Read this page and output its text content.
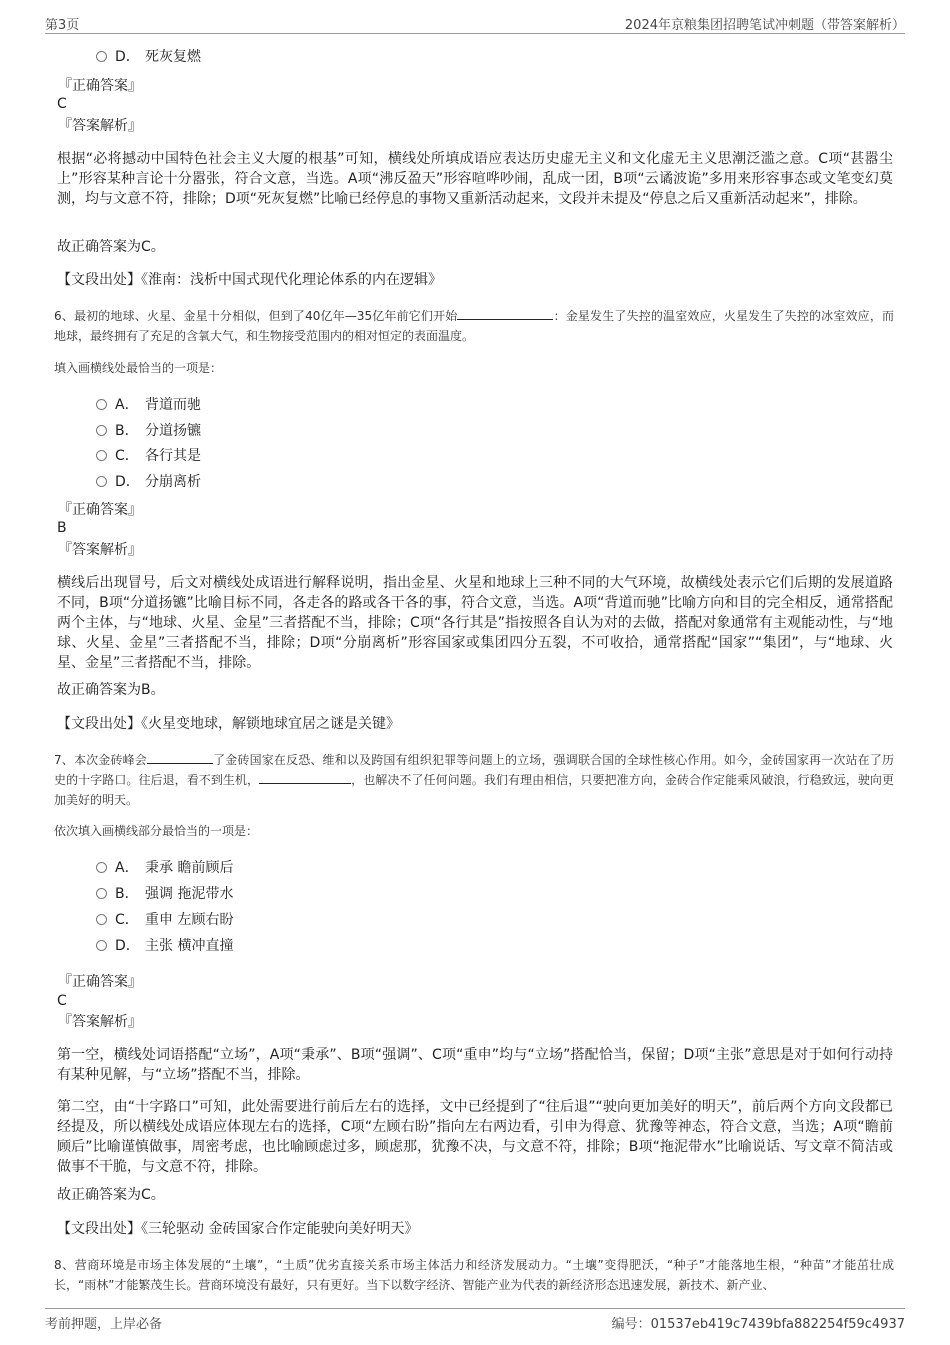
第3页	2024年京粮集团招聘笔试冲刺题（带答案解析）
D． 死灰复燃
『正确答案』
C
『答案解析』
根据“必将撼动中国特色社会主义大厦的根基”可知，横线处所填成语应表达历史虚无主义和文化虚无主义思潮泛滥之意。C项“甚嚣尘上”形容某种言论十分嚣张，符合文意，当选。A项“沸反盈天”形容喧哗吵闹，乱成一团，B项“云谲波诡”多用来形容事态或文笔变幻莫测，均与文意不符，排除；D项“死灰复燃”比喻已经停息的事物又重新活动起来，文段并未提及“停息之后又重新活动起来”，排除。
故正确答案为C。
【文段出处】《淮南：浅析中国式现代化理论体系的内在逻辑》
6、最初的地球、火星、金星十分相似，但到了40亿年—35亿年前它们开始	：金星发生了失控的温室效应，火星发生了失控的冰室效应，而地球，最终拥有了充足的含氧大气，和生物接受范围内的相对恒定的表面温度。
填入画横线处最恰当的一项是：
A． 背道而驰
B． 分道扬镳
C． 各行其是
D． 分崩离析
『正确答案』
B
『答案解析』
横线后出现冒号，后文对横线处成语进行解释说明，指出金星、火星和地球上三种不同的大气环境，故横线处表示它们后期的发展道路不同，B项“分道扬镳”比喻目标不同，各走各的路或各干各的事，符合文意，当选。A项“背道而驰”比喻方向和目的完全相反，通常搭配两个主体，与“地球、火星、金星”三者搭配不当，排除；C项“各行其是”指按照各自认为对的去做，搭配对象通常有主观能动性，与“地球、火星、金星”三者搭配不当，排除；D项“分崩离析”形容国家或集团四分五裂，不可收拾，通常搭配“国家”“集团”，与“地球、火星、金星”三者搭配不当，排除。
故正确答案为B。
【文段出处】《火星变地球，解锁地球宜居之谜是关键》
7、本次金砖峰会	了金砖国家在反恐、维和以及跨国有组织犯罪等问题上的立场，强调联合国的全球性核心作用。如今，金砖国家再一次站在了历史的十字路口。往后退，看不到生机，	，也解决不了任何问题。我们有理由相信，只要把准方向，金砖合作定能乘风破浪，行稳致远，驶向更加美好的明天。
依次填入画横线部分最恰当的一项是：
A． 秉承 瞻前顾后
B． 强调 拖泥带水
C． 重申 左顾右盼
D． 主张 横冲直撞
『正确答案』
C
『答案解析』
第一空，横线处词语搭配“立场”，A项“秉承”、B项“强调”、C项“重申”均与“立场”搭配恰当，保留；D项“主张”意思是对于如何行动持有某种见解，与“立场”搭配不当，排除。
第二空，由“十字路口”可知，此处需要进行前后左右的选择，文中已经提到了“往后退”“驶向更加美好的明天”，前后两个方向文段都已经提及，所以横线处成语应体现左右的选择，C项“左顾右盼”指向左右两边看，引申为得意、犹豫等神态，符合文意，当选；A项“瞻前顾后”比喻谨慎做事，周密考虑，也比喻顾虑过多，顾虑那，犹豫不决，与文意不符，排除；B项“拖泥带水”比喻说话、写文章不简洁或做事不干脆，与文意不符，排除。
故正确答案为C。
【文段出处】《三轮驱动 金砖国家合作定能驶向美好明天》
8、营商环境是市场主体发展的“土壤”，“土质”优劣直接关系市场主体活力和经济发展动力。“土壤”变得肥沃，“种子”才能落地生根，“种苗”才能茁壮成长，“雨林”才能繁茂生长。营商环境没有最好，只有更好。当下以数字经济、智能产业为代表的新经济形态迅速发展，新技术、新产业、
考前押题，上岸必备	编号：01537eb419c7439bfa882254f59c4937
